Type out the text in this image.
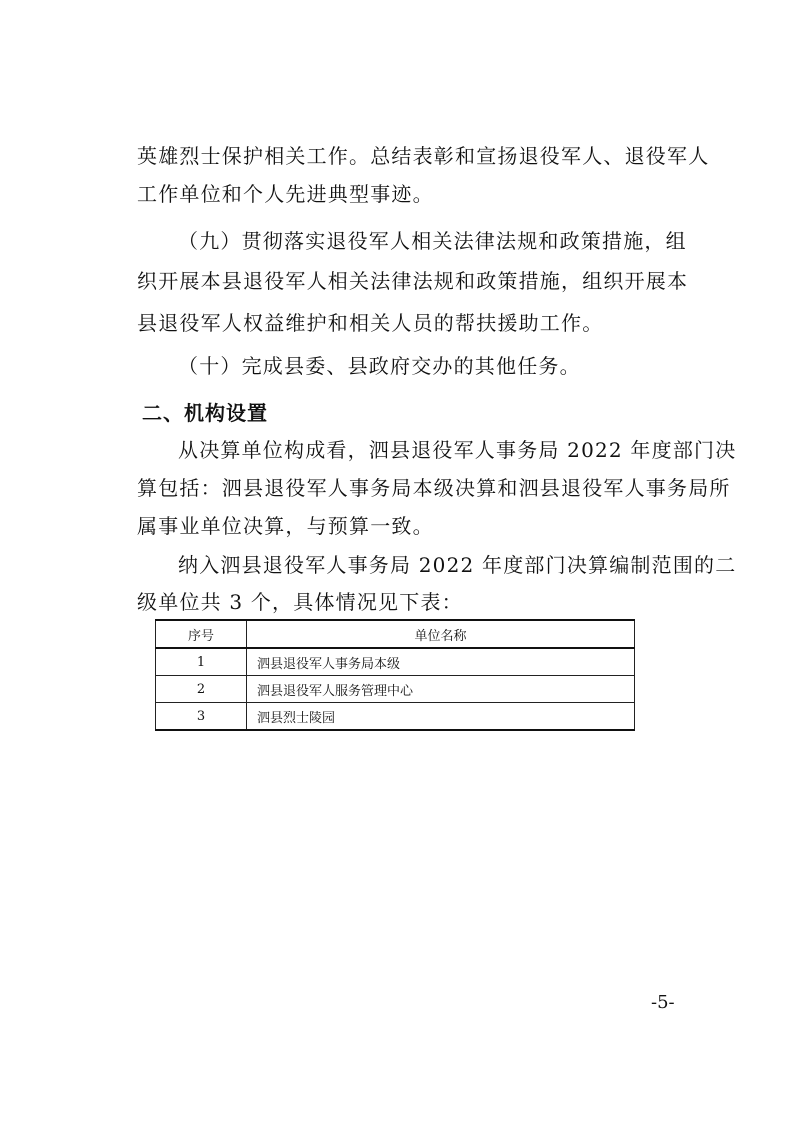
英雄烈士保护相关工作。总结表彰和宣扬退役军人、退役军人
工作单位和个人先进典型事迹。
（九）贯彻落实退役军人相关法律法规和政策措施，组
织开展本县退役军人相关法律法规和政策措施，组织开展本
县退役军人权益维护和相关人员的帮扶援助工作。
（十）完成县委、县政府交办的其他任务。
二、机构设置
从决算单位构成看，泗县退役军人事务局 2022 年度部门决
算包括：泗县退役军人事务局本级决算和泗县退役军人事务局所
属事业单位决算，与预算一致。
纳入泗县退役军人事务局 2022 年度部门决算编制范围的二
级单位共 3 个，具体情况见下表：
序号	单位名称
1	泗县退役军人事务局本级
2	泗县退役军人服务管理中心
3	泗县烈士陵园
-5-
